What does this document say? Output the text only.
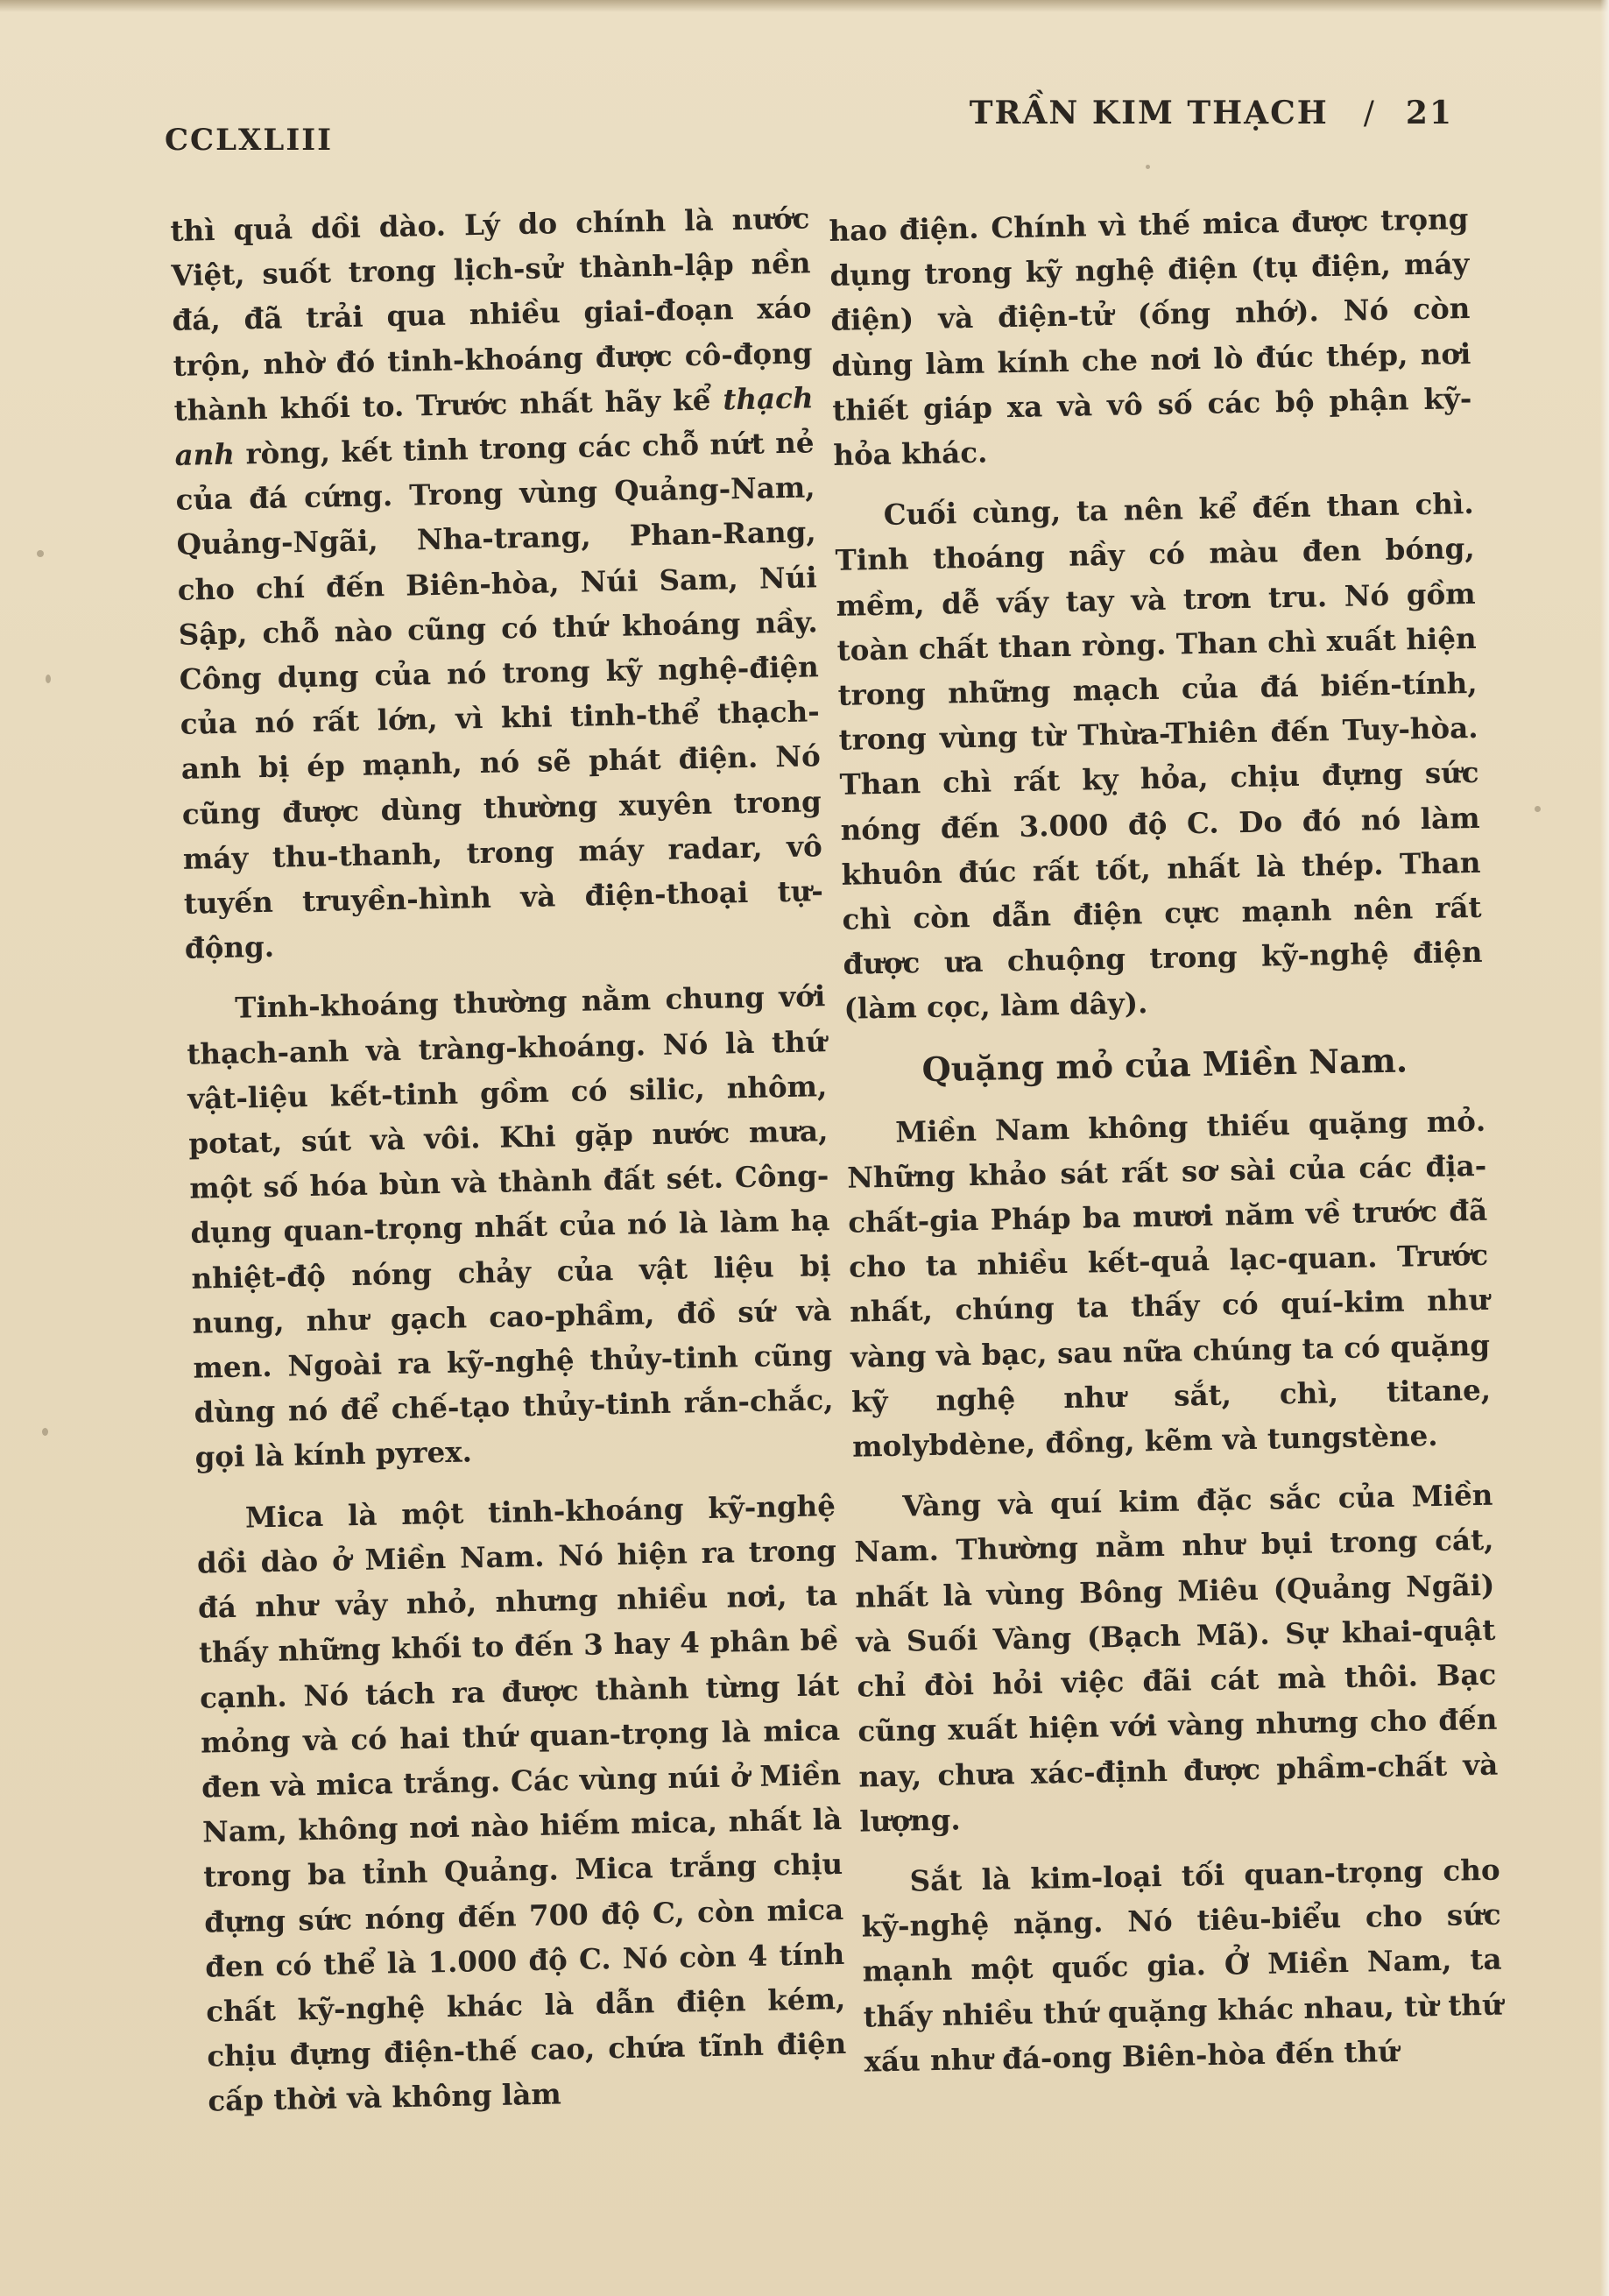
CCLXLIII
TRẦN KIM THẠCH / 21

thì quả dồi dào. Lý do chính là nước Việt, suốt trong lịch-sử thành-lập nền đá, đã trải qua nhiều giai-đoạn xáo trộn, nhờ đó tinh-khoáng được cô-đọng thành khối to. Trước nhất hãy kể thạch anh ròng, kết tinh trong các chỗ nứt nẻ của đá cứng. Trong vùng Quảng-Nam, Quảng-Ngãi, Nha-trang, Phan-Rang, cho chí đến Biên-hòa, Núi Sam, Núi Sập, chỗ nào cũng có thứ khoáng nầy. Công dụng của nó trong kỹ nghệ-điện của nó rất lớn, vì khi tinh-thể thạch-anh bị ép mạnh, nó sẽ phát điện. Nó cũng được dùng thường xuyên trong máy thu-thanh, trong máy radar, vô tuyến truyền-hình và điện-thoại tự-động.

Tinh-khoáng thường nằm chung với thạch-anh và tràng-khoáng. Nó là thứ vật-liệu kết-tinh gồm có silic, nhôm, potat, sút và vôi. Khi gặp nước mưa, một số hóa bùn và thành đất sét. Công-dụng quan-trọng nhất của nó là làm hạ nhiệt-độ nóng chảy của vật liệu bị nung, như gạch cao-phầm, đồ sứ và men. Ngoài ra kỹ-nghệ thủy-tinh cũng dùng nó để chế-tạo thủy-tinh rắn-chắc, gọi là kính pyrex.

Mica là một tinh-khoáng kỹ-nghệ dồi dào ở Miền Nam. Nó hiện ra trong đá như vảy nhỏ, nhưng nhiều nơi, ta thấy những khối to đến 3 hay 4 phân bề cạnh. Nó tách ra được thành từng lát mỏng và có hai thứ quan-trọng là mica đen và mica trắng. Các vùng núi ở Miền Nam, không nơi nào hiếm mica, nhất là trong ba tỉnh Quảng. Mica trắng chịu đựng sức nóng đến 700 độ C, còn mica đen có thể là 1.000 độ C. Nó còn 4 tính chất kỹ-nghệ khác là dẫn điện kém, chịu đựng điện-thế cao, chứa tĩnh điện cấp thời và không làm

hao điện. Chính vì thế mica được trọng dụng trong kỹ nghệ điện (tụ điện, máy điện) và điện-tử (ống nhớ). Nó còn dùng làm kính che nơi lò đúc thép, nơi thiết giáp xa và vô số các bộ phận kỹ-hỏa khác.

Cuối cùng, ta nên kể đến than chì. Tinh thoáng nầy có màu đen bóng, mềm, dễ vấy tay và trơn tru. Nó gồm toàn chất than ròng. Than chì xuất hiện trong những mạch của đá biến-tính, trong vùng từ Thừa-Thiên đến Tuy-hòa. Than chì rất kỵ hỏa, chịu đựng sức nóng đến 3.000 độ C. Do đó nó làm khuôn đúc rất tốt, nhất là thép. Than chì còn dẫn điện cực mạnh nên rất được ưa chuộng trong kỹ-nghệ điện (làm cọc, làm dây).

Quặng mỏ của Miền Nam.

Miền Nam không thiếu quặng mỏ. Những khảo sát rất sơ sài của các địa-chất-gia Pháp ba mươi năm về trước đã cho ta nhiều kết-quả lạc-quan. Trước nhất, chúng ta thấy có quí-kim như vàng và bạc, sau nữa chúng ta có quặng kỹ nghệ như sắt, chì, titane, molybdène, đồng, kẽm và tungstène.

Vàng và quí kim đặc sắc của Miền Nam. Thường nằm như bụi trong cát, nhất là vùng Bông Miêu (Quảng Ngãi) và Suối Vàng (Bạch Mã). Sự khai-quật chỉ đòi hỏi việc đãi cát mà thôi. Bạc cũng xuất hiện với vàng nhưng cho đến nay, chưa xác-định được phầm-chất và lượng.

Sắt là kim-loại tối quan-trọng cho kỹ-nghệ nặng. Nó tiêu-biểu cho sức mạnh một quốc gia. Ở Miền Nam, ta thấy nhiều thứ quặng khác nhau, từ thứ xấu như đá-ong Biên-hòa đến thứ
